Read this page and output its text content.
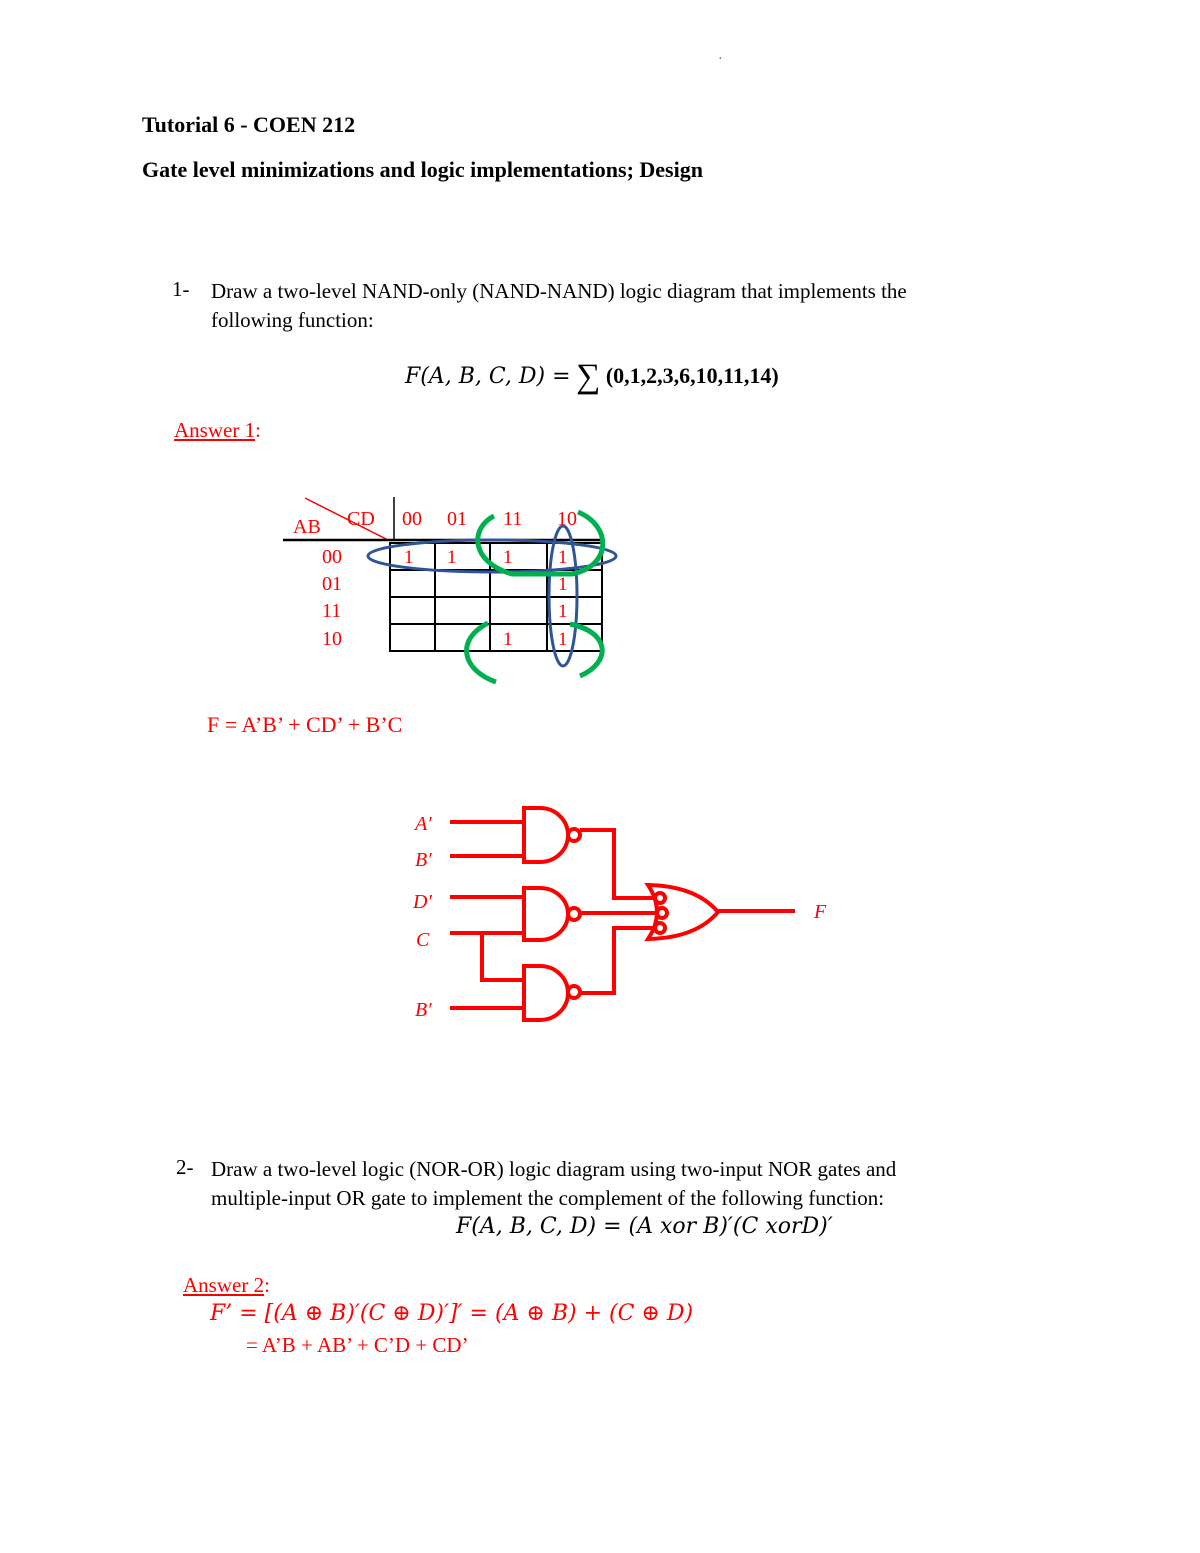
·
Tutorial 6 - COEN 212
Gate level minimizations and logic implementations; Design
1- Draw a two-level NAND-only (NAND-NAND) logic diagram that implements the
following function:
F(A, B, C, D) = ∑ (0,1,2,3,6,10,11,14)
Answer 1:
AB CD 00 01 11 10
00
01
11
10
1 1 1 1
1
1
1 1
F = A’B’ + CD’ + B’C
A′
B′
D′
C
B′
F
2- Draw a two-level logic (NOR-OR) logic diagram using two-input NOR gates and
multiple-input OR gate to implement the complement of the following function:
F(A, B, C, D) = (A xor B)′(C xorD)′
Answer 2:
F’ = [(A ⊕ B)′(C ⊕ D)′]′ = (A ⊕ B) + (C ⊕ D)
= A’B + AB’ + C’D + CD’
